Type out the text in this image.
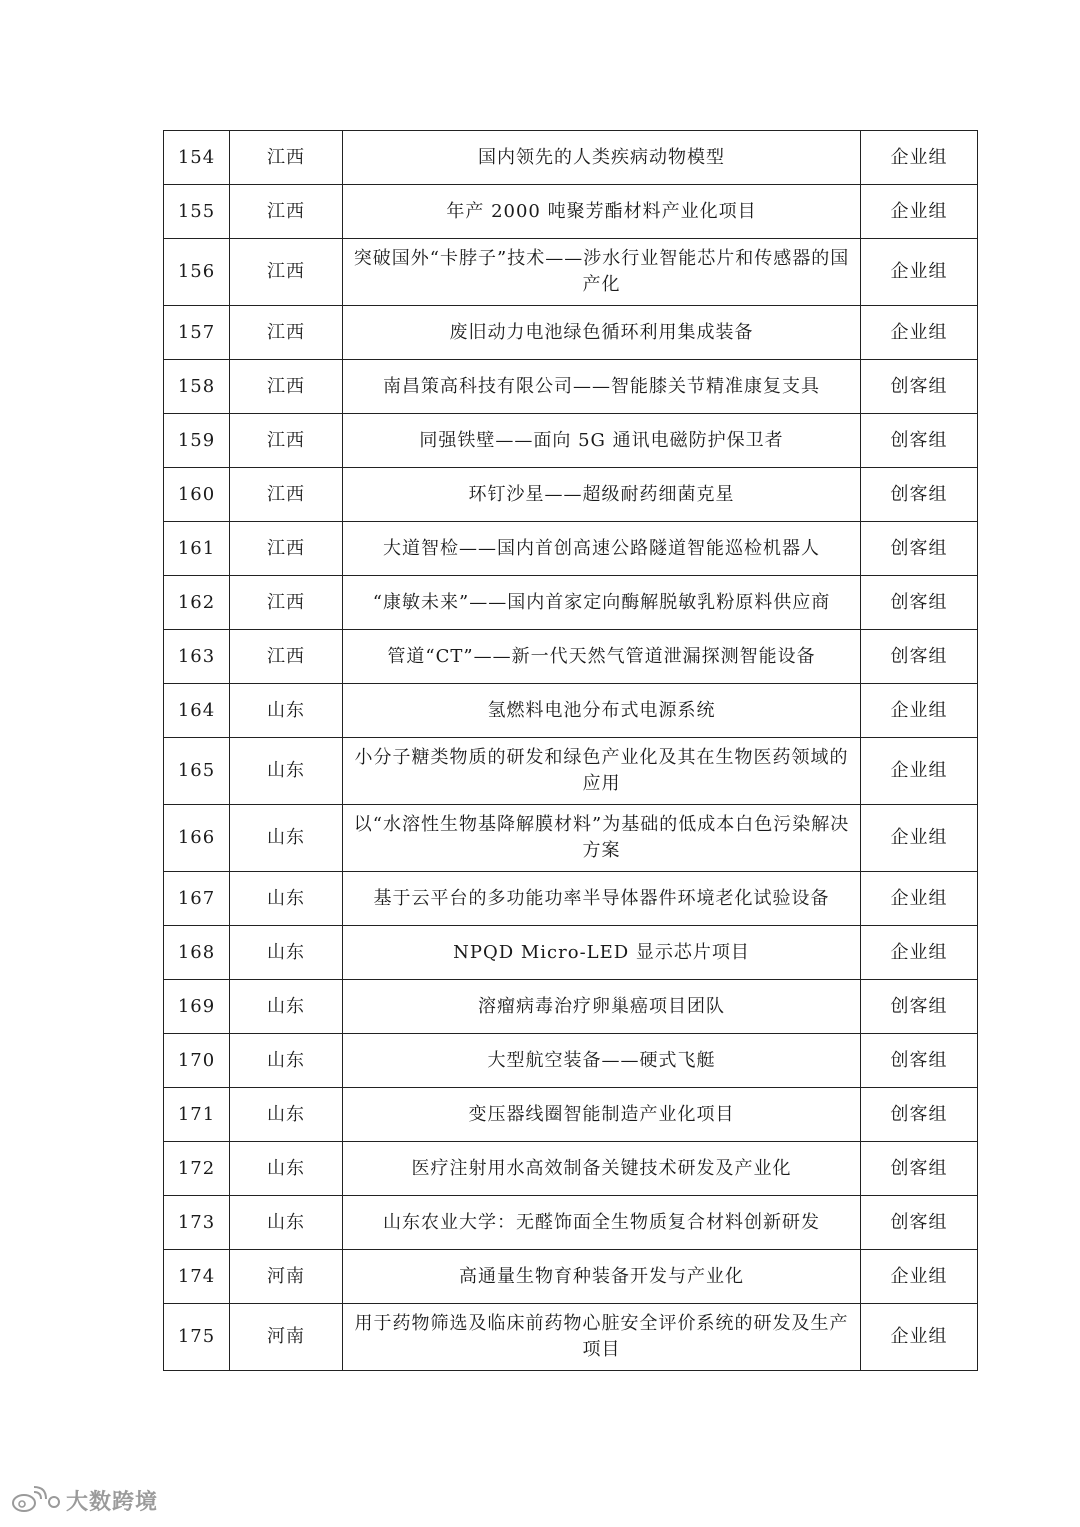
154	江西	国内领先的人类疾病动物模型	企业组
155	江西	年产 2000 吨聚芳酯材料产业化项目	企业组
156	江西	突破国外“卡脖子”技术——涉水行业智能芯片和传感器的国产化	企业组
157	江西	废旧动力电池绿色循环利用集成装备	企业组
158	江西	南昌策高科技有限公司——智能膝关节精准康复支具	创客组
159	江西	同强铁壁——面向 5G 通讯电磁防护保卫者	创客组
160	江西	环钉沙星——超级耐药细菌克星	创客组
161	江西	大道智检——国内首创高速公路隧道智能巡检机器人	创客组
162	江西	“康敏未来”——国内首家定向酶解脱敏乳粉原料供应商	创客组
163	江西	管道“CT”——新一代天然气管道泄漏探测智能设备	创客组
164	山东	氢燃料电池分布式电源系统	企业组
165	山东	小分子糖类物质的研发和绿色产业化及其在生物医药领域的应用	企业组
166	山东	以“水溶性生物基降解膜材料”为基础的低成本白色污染解决方案	企业组
167	山东	基于云平台的多功能功率半导体器件环境老化试验设备	企业组
168	山东	NPQD Micro-LED 显示芯片项目	企业组
169	山东	溶瘤病毒治疗卵巢癌项目团队	创客组
170	山东	大型航空装备——硬式飞艇	创客组
171	山东	变压器线圈智能制造产业化项目	创客组
172	山东	医疗注射用水高效制备关键技术研发及产业化	创客组
173	山东	山东农业大学：无醛饰面全生物质复合材料创新研发	创客组
174	河南	高通量生物育种装备开发与产业化	企业组
175	河南	用于药物筛选及临床前药物心脏安全评价系统的研发及生产项目	企业组
大数跨境
